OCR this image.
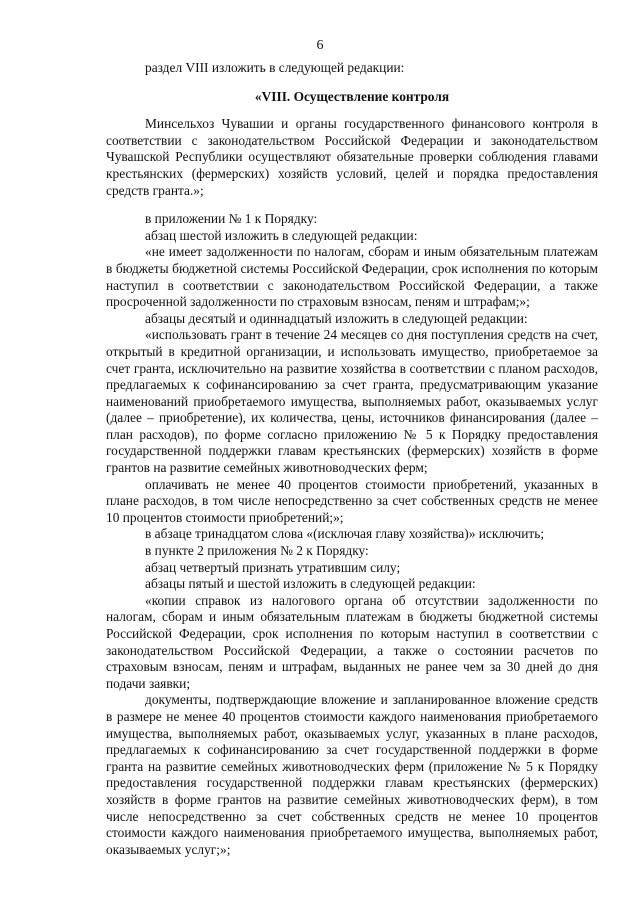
6

раздел VIII изложить в следующей редакции:

«VIII. Осуществление контроля

Минсельхоз Чувашии и органы государственного финансового контроля в соответствии с законодательством Российской Федерации и законодательством Чувашской Республики осуществляют обязательные проверки соблюдения главами крестьянских (фермерских) хозяйств условий, целей и порядка предоставления средств гранта.»;

в приложении № 1 к Порядку:

абзац шестой изложить в следующей редакции:

«не имеет задолженности по налогам, сборам и иным обязательным платежам в бюджеты бюджетной системы Российской Федерации, срок исполнения по которым наступил в соответствии с законодательством Российской Федерации, а также просроченной задолженности по страховым взносам, пеням и штрафам;»;

абзацы десятый и одиннадцатый изложить в следующей редакции:

«использовать грант в течение 24 месяцев со дня поступления средств на счет, открытый в кредитной организации, и использовать имущество, приобретаемое за счет гранта, исключительно на развитие хозяйства в соответствии с планом расходов, предлагаемых к софинансированию за счет гранта, предусматривающим указание наименований приобретаемого имущества, выполняемых работ, оказываемых услуг (далее – приобретение), их количества, цены, источников финансирования (далее – план расходов), по форме согласно приложению № 5 к Порядку предоставления государственной поддержки главам крестьянских (фермерских) хозяйств в форме грантов на развитие семейных животноводческих ферм;

оплачивать не менее 40 процентов стоимости приобретений, указанных в плане расходов, в том числе непосредственно за счет собственных средств не менее 10 процентов стоимости приобретений;»;

в абзаце тринадцатом слова «(исключая главу хозяйства)» исключить;

в пункте 2 приложения № 2 к Порядку:

абзац четвертый признать утратившим силу;

абзацы пятый и шестой изложить в следующей редакции:

«копии справок из налогового органа об отсутствии задолженности по налогам, сборам и иным обязательным платежам в бюджеты бюджетной системы Российской Федерации, срок исполнения по которым наступил в соответствии с законодательством Российской Федерации, а также о состоянии расчетов по страховым взносам, пеням и штрафам, выданных не ранее чем за 30 дней до дня подачи заявки;

документы, подтверждающие вложение и запланированное вложение средств в размере не менее 40 процентов стоимости каждого наименования приобретаемого имущества, выполняемых работ, оказываемых услуг, указанных в плане расходов, предлагаемых к софинансированию за счет государственной поддержки в форме гранта на развитие семейных животноводческих ферм (приложение № 5 к Порядку предоставления государственной поддержки главам крестьянских (фермерских) хозяйств в форме грантов на развитие семейных животноводческих ферм), в том числе непосредственно за счет собственных средств не менее 10 процентов стоимости каждого наименования приобретаемого имущества, выполняемых работ, оказываемых услуг;»;
